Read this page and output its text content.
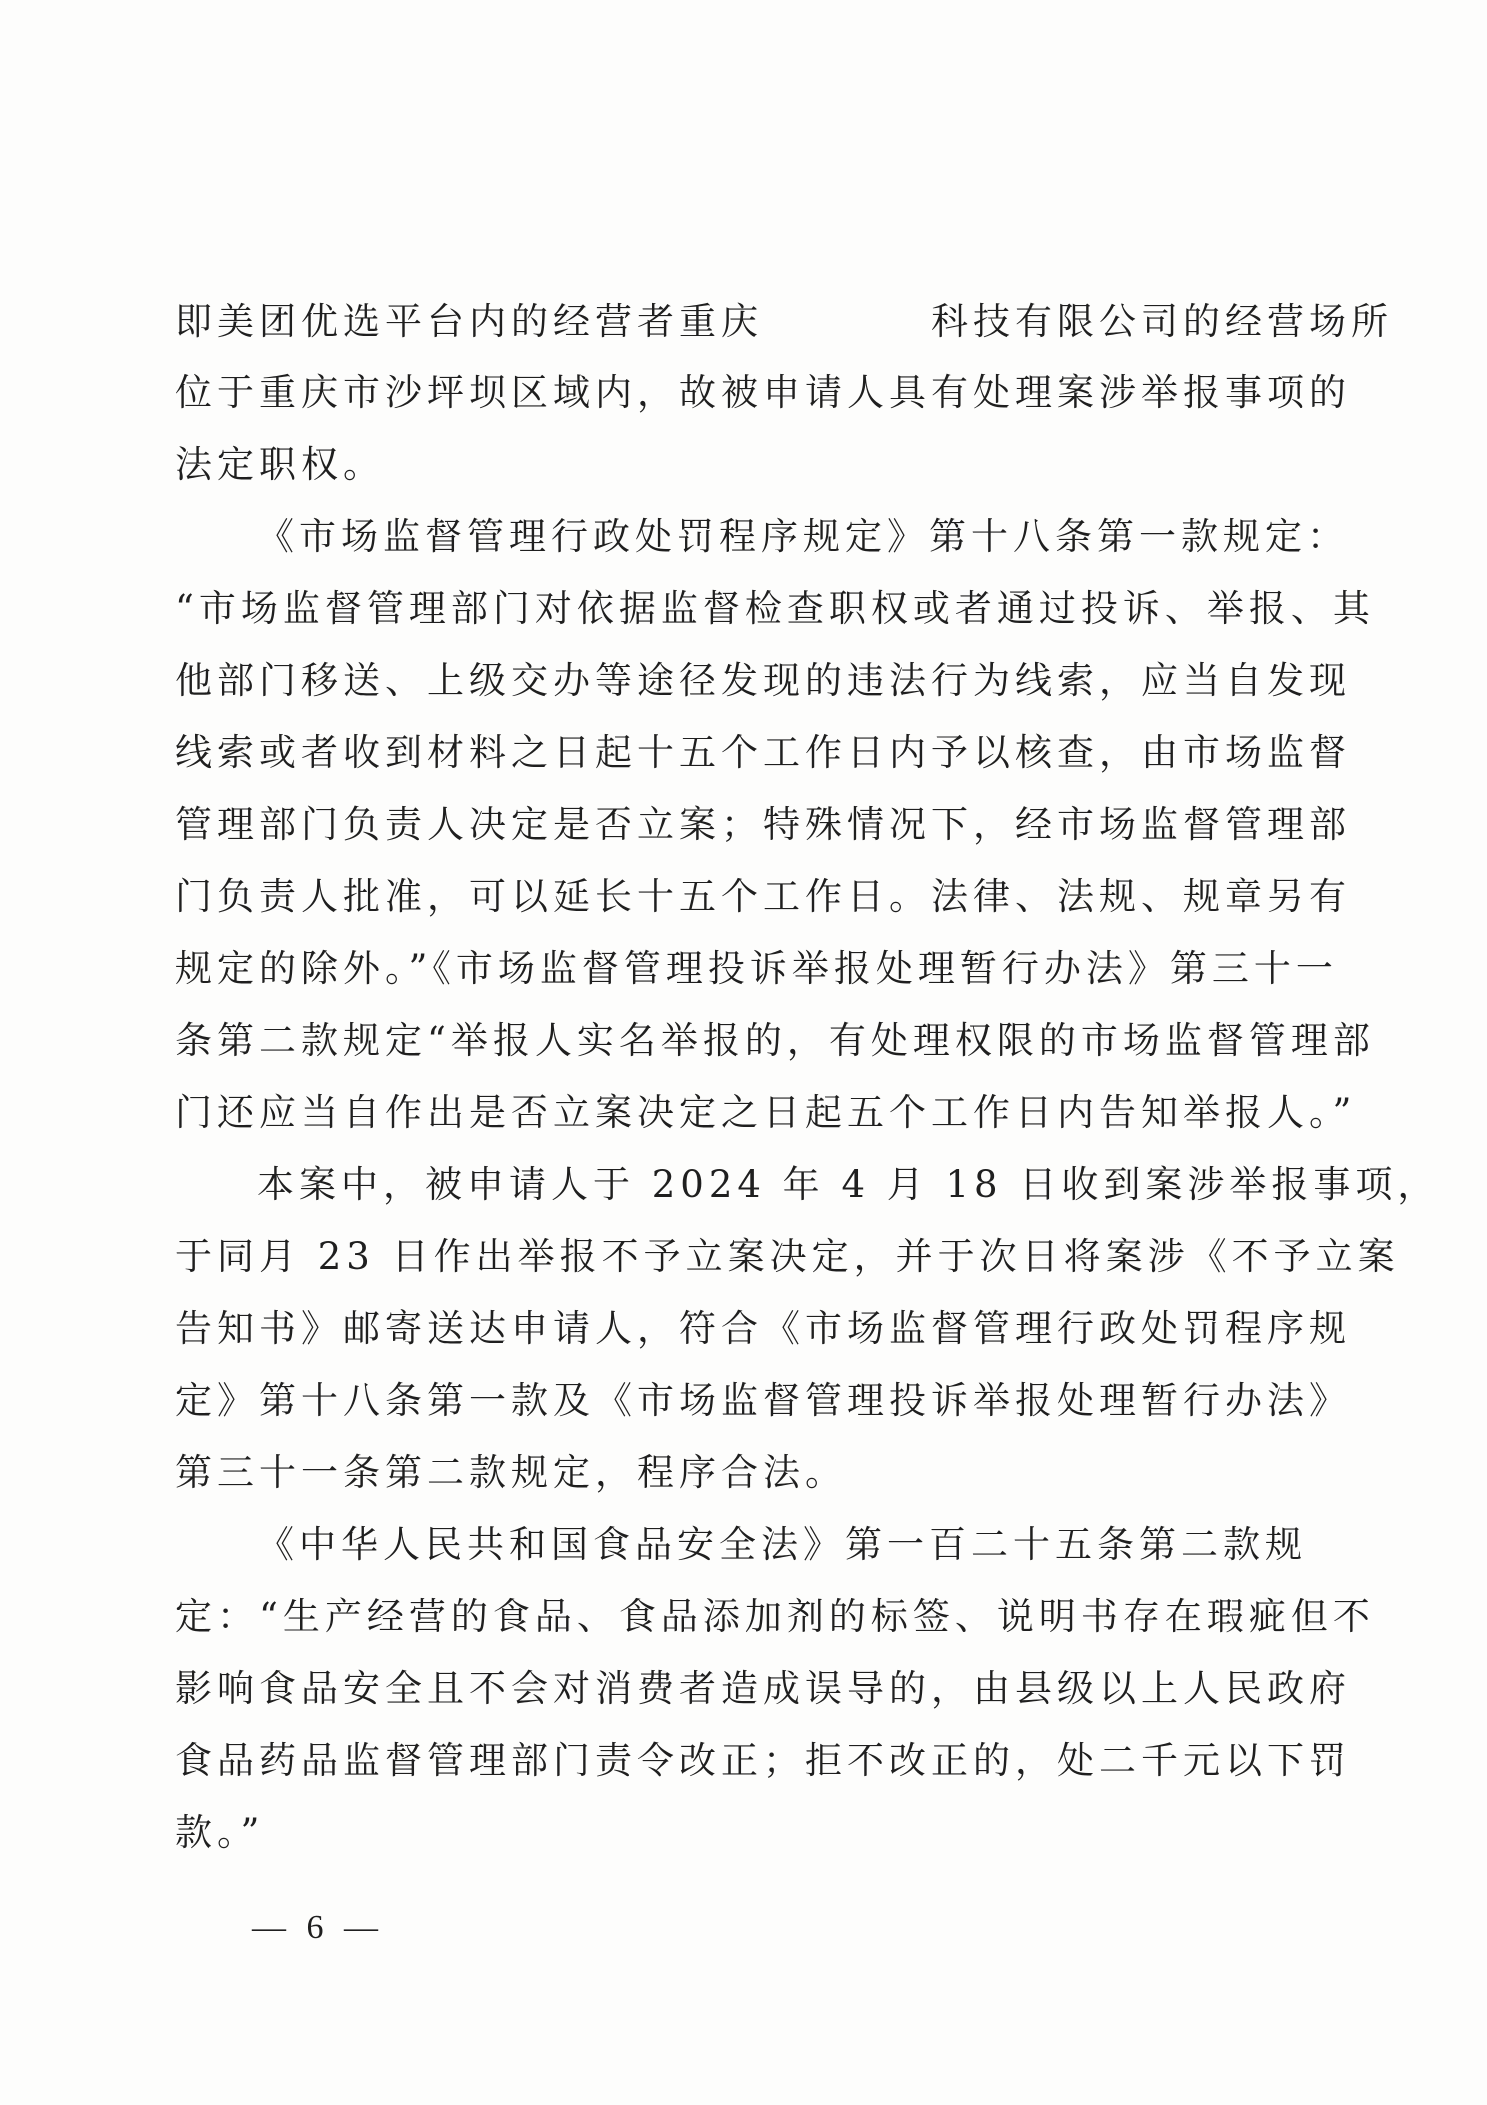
即美团优选平台内的经营者重庆　　　　科技有限公司的经营场所
位于重庆市沙坪坝区域内，故被申请人具有处理案涉举报事项的
法定职权。
《市场监督管理行政处罚程序规定》第十八条第一款规定：
“市场监督管理部门对依据监督检查职权或者通过投诉、举报、其
他部门移送、上级交办等途径发现的违法行为线索，应当自发现
线索或者收到材料之日起十五个工作日内予以核查，由市场监督
管理部门负责人决定是否立案；特殊情况下，经市场监督管理部
门负责人批准，可以延长十五个工作日。法律、法规、规章另有
规定的除外。”《市场监督管理投诉举报处理暂行办法》第三十一
条第二款规定“举报人实名举报的，有处理权限的市场监督管理部
门还应当自作出是否立案决定之日起五个工作日内告知举报人。”
本案中，被申请人于 2024 年 4 月 18 日收到案涉举报事项，
于同月 23 日作出举报不予立案决定，并于次日将案涉《不予立案
告知书》邮寄送达申请人，符合《市场监督管理行政处罚程序规
定》第十八条第一款及《市场监督管理投诉举报处理暂行办法》
第三十一条第二款规定，程序合法。
《中华人民共和国食品安全法》第一百二十五条第二款规
定：“生产经营的食品、食品添加剂的标签、说明书存在瑕疵但不
影响食品安全且不会对消费者造成误导的，由县级以上人民政府
食品药品监督管理部门责令改正；拒不改正的，处二千元以下罚
款。”
— 6 —
